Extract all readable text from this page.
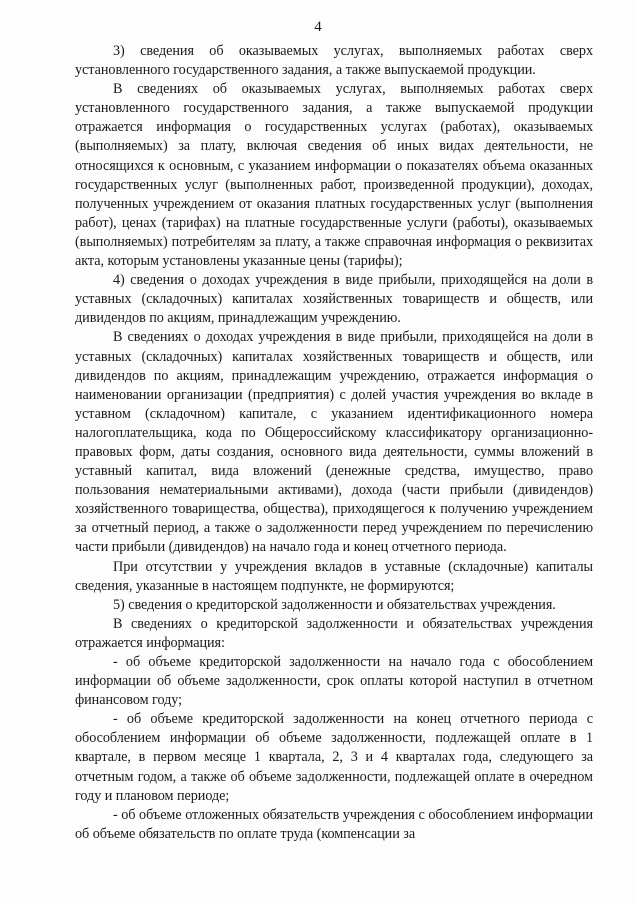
4

3) сведения об оказываемых услугах, выполняемых работах сверх установленного государственного задания, а также выпускаемой продукции.

В сведениях об оказываемых услугах, выполняемых работах сверх установленного государственного задания, а также выпускаемой продукции отражается информация о государственных услугах (работах), оказываемых (выполняемых) за плату, включая сведения об иных видах деятельности, не относящихся к основным, с указанием информации о показателях объема оказанных государственных услуг (выполненных работ, произведенной продукции), доходах, полученных учреждением от оказания платных государственных услуг (выполнения работ), ценах (тарифах) на платные государственные услуги (работы), оказываемых (выполняемых) потребителям за плату, а также справочная информация о реквизитах акта, которым установлены указанные цены (тарифы);

4) сведения о доходах учреждения в виде прибыли, приходящейся на доли в уставных (складочных) капиталах хозяйственных товариществ и обществ, или дивидендов по акциям, принадлежащим учреждению.

В сведениях о доходах учреждения в виде прибыли, приходящейся на доли в уставных (складочных) капиталах хозяйственных товариществ и обществ, или дивидендов по акциям, принадлежащим учреждению, отражается информация о наименовании организации (предприятия) с долей участия учреждения во вкладе в уставном (складочном) капитале, с указанием идентификационного номера налогоплательщика, кода по Общероссийскому классификатору организационно-правовых форм, даты создания, основного вида деятельности, суммы вложений в уставный капитал, вида вложений (денежные средства, имущество, право пользования нематериальными активами), дохода (части прибыли (дивидендов) хозяйственного товарищества, общества), приходящегося к получению учреждением за отчетный период, а также о задолженности перед учреждением по перечислению части прибыли (дивидендов) на начало года и конец отчетного периода.

При отсутствии у учреждения вкладов в уставные (складочные) капиталы сведения, указанные в настоящем подпункте, не формируются;

5) сведения о кредиторской задолженности и обязательствах учреждения.

В сведениях о кредиторской задолженности и обязательствах учреждения отражается информация:

- об объеме кредиторской задолженности на начало года с обособлением информации об объеме задолженности, срок оплаты которой наступил в отчетном финансовом году;

- об объеме кредиторской задолженности на конец отчетного периода с обособлением информации об объеме задолженности, подлежащей оплате в 1 квартале, в первом месяце 1 квартала, 2, 3 и 4 кварталах года, следующего за отчетным годом, а также об объеме задолженности, подлежащей оплате в очередном году и плановом периоде;

- об объеме отложенных обязательств учреждения с обособлением информации об объеме обязательств по оплате труда (компенсации за
